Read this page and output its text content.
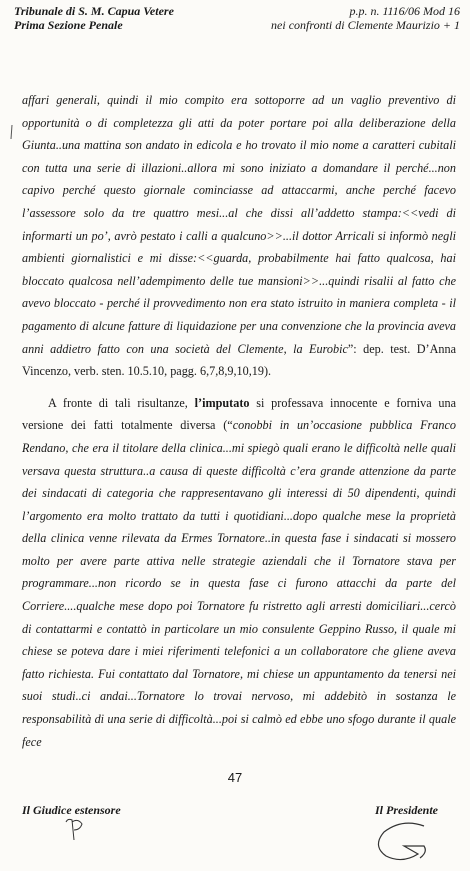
Tribunale di S. M. Capua Vetere
Prima Sezione Penale
p.p. n. 1116/06 Mod 16
nei confronti di Clemente Maurizio + 1

affari generali, quindi il mio compito era sottoporre ad un vaglio preventivo di opportunità o di completezza gli atti da poter portare poi alla deliberazione della Giunta..una mattina son andato in edicola e ho trovato il mio nome a caratteri cubitali con tutta una serie di illazioni..allora mi sono iniziato a domandare il perché...non capivo perché questo giornale cominciasse ad attaccarmi, anche perché facevo l’assessore solo da tre quattro mesi...al che dissi all’addetto stampa:<<vedi di informarti un po’, avrò pestato i calli a qualcuno>>...il dottor Arricali si informò negli ambienti giornalistici e mi disse:<<guarda, probabilmente hai fatto qualcosa, hai bloccato qualcosa nell’adempimento delle tue mansioni>>...quindi risalii al fatto che avevo bloccato - perché il provvedimento non era stato istruito in maniera completa - il pagamento di alcune fatture di liquidazione per una convenzione che la provincia aveva anni addietro fatto con una società del Clemente, la Eurobic”: dep. test. D’Anna Vincenzo, verb. sten. 10.5.10, pagg. 6,7,8,9,10,19).

A fronte di tali risultanze, l’imputato si professava innocente e forniva una versione dei fatti totalmente diversa (“conobbi in un’occasione pubblica Franco Rendano, che era il titolare della clinica...mi spiegò quali erano le difficoltà nelle quali versava questa struttura..a causa di queste difficoltà c’era grande attenzione da parte dei sindacati di categoria che rappresentavano gli interessi di 50 dipendenti, quindi l’argomento era molto trattato da tutti i quotidiani...dopo qualche mese la proprietà della clinica venne rilevata da Ermes Tornatore..in questa fase i sindacati si mossero molto per avere parte attiva nelle strategie aziendali che il Tornatore stava per programmare...non ricordo se in questa fase ci furono attacchi da parte del Corriere....qualche mese dopo poi Tornatore fu ristretto agli arresti domiciliari...cercò di contattarmi e contattò in particolare un mio consulente Geppino Russo, il quale mi chiese se poteva dare i miei riferimenti telefonici a un collaboratore che gliene aveva fatto richiesta. Fui contattato dal Tornatore, mi chiese un appuntamento da tenersi nei suoi studi..ci andai...Tornatore lo trovai nervoso, mi addebitò in sostanza le responsabilità di una serie di difficoltà...poi si calmò ed ebbe uno sfogo durante il quale fece

47
Il Giudice estensore	Il Presidente
